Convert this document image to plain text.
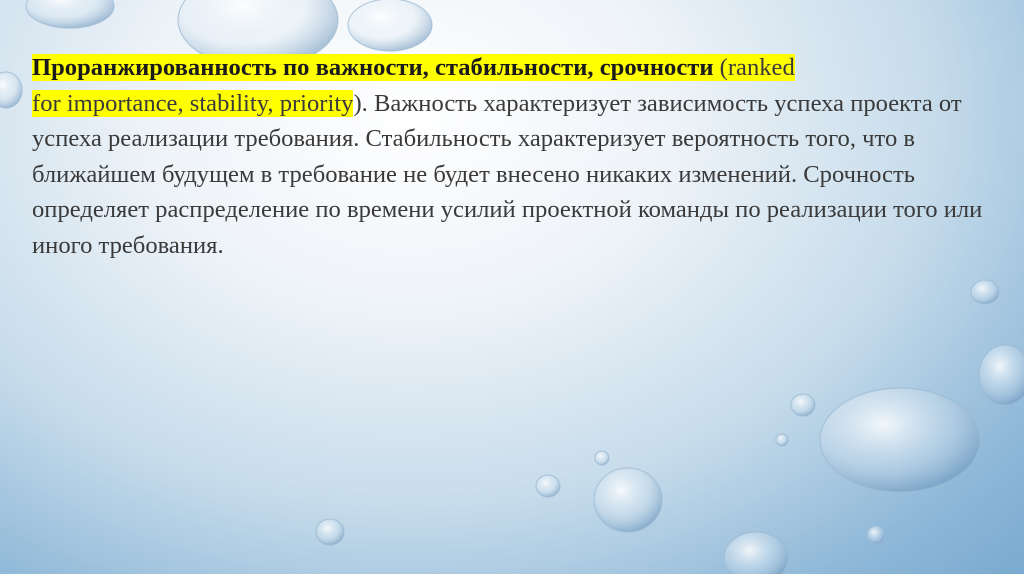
Проранжированность по важности, стабильности, срочности (ranked
for importance, stability, priority). Важность характеризует зависимость успеха проекта от успеха реализации требования. Стабильность характеризует вероятность того, что в ближайшем будущем в требование не будет внесено никаких изменений. Срочность определяет распределение по времени усилий проектной команды по реализации того или иного требования.
